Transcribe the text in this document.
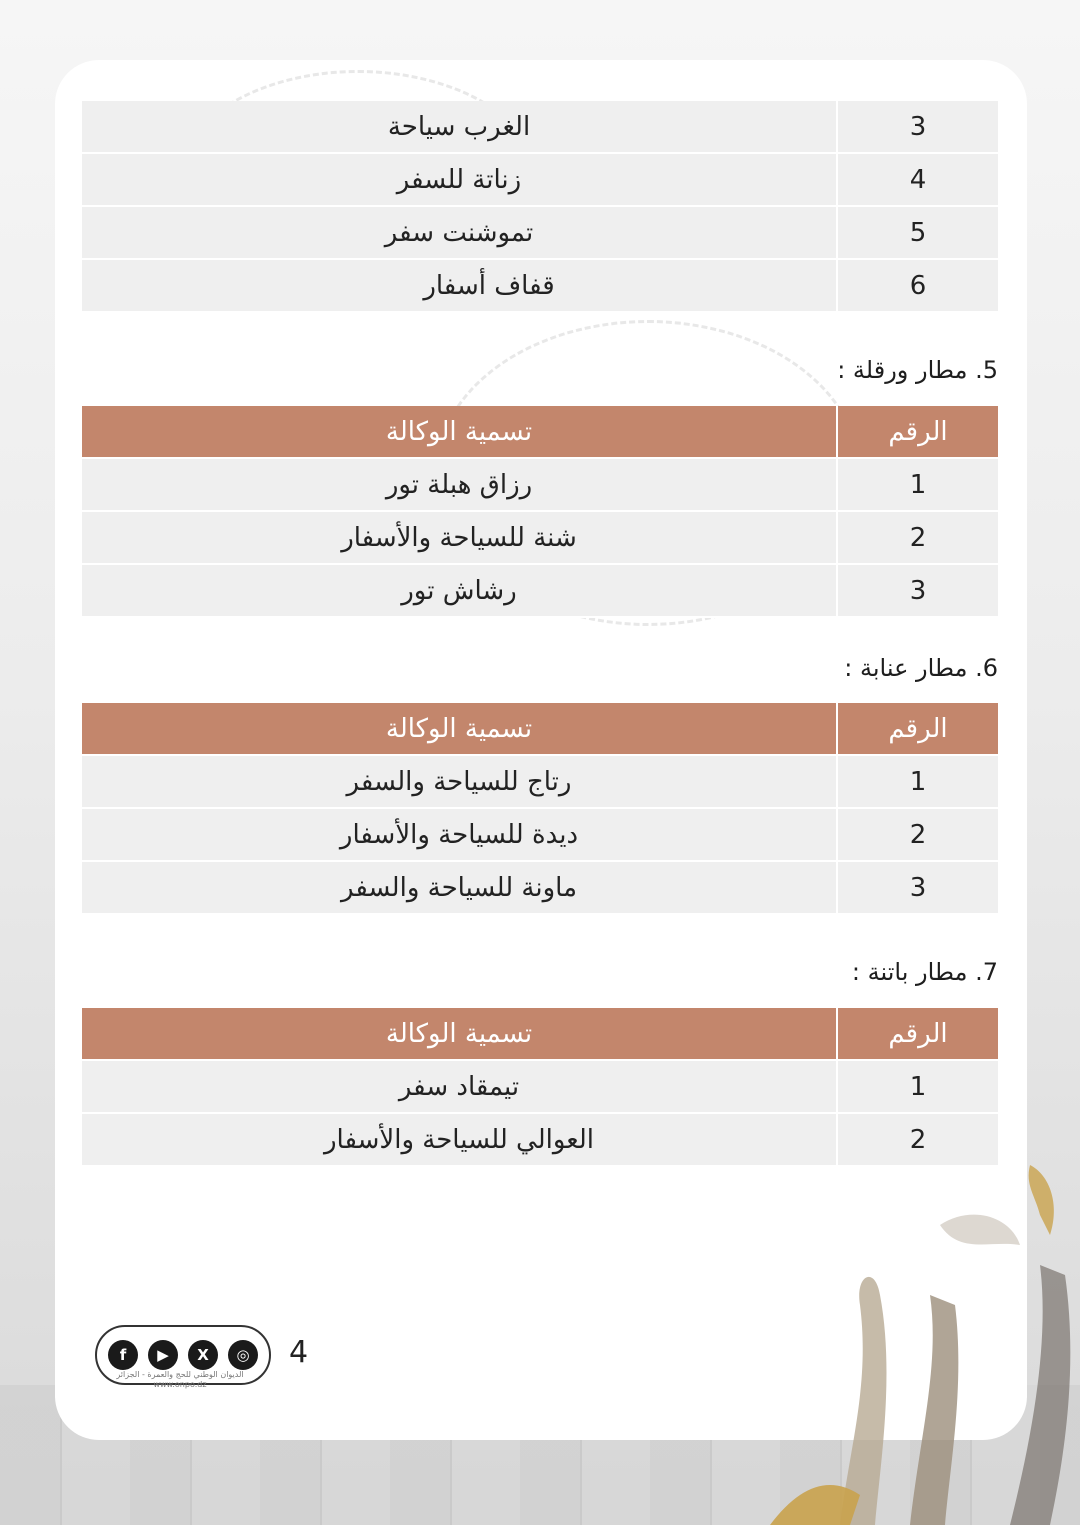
3	الغرب سياحة
4	زناتة للسفر
5	تموشنت سفر
6	قفاف أسفار
5. مطار ورقلة :
الرقم	تسمية الوكالة
1	رزاق هبلة تور
2	شنة للسياحة والأسفار
3	رشاش تور
6. مطار عنابة :
الرقم	تسمية الوكالة
1	رتاج للسياحة والسفر
2	ديدة للسياحة والأسفار
3	ماونة للسياحة والسفر
7. مطار باتنة :
الرقم	تسمية الوكالة
1	تيمقاد سفر
2	العوالي للسياحة والأسفار
f	▶	X	◎
الديوان الوطني للحج والعمرة - الجزائر
www.onpo.dz
4
